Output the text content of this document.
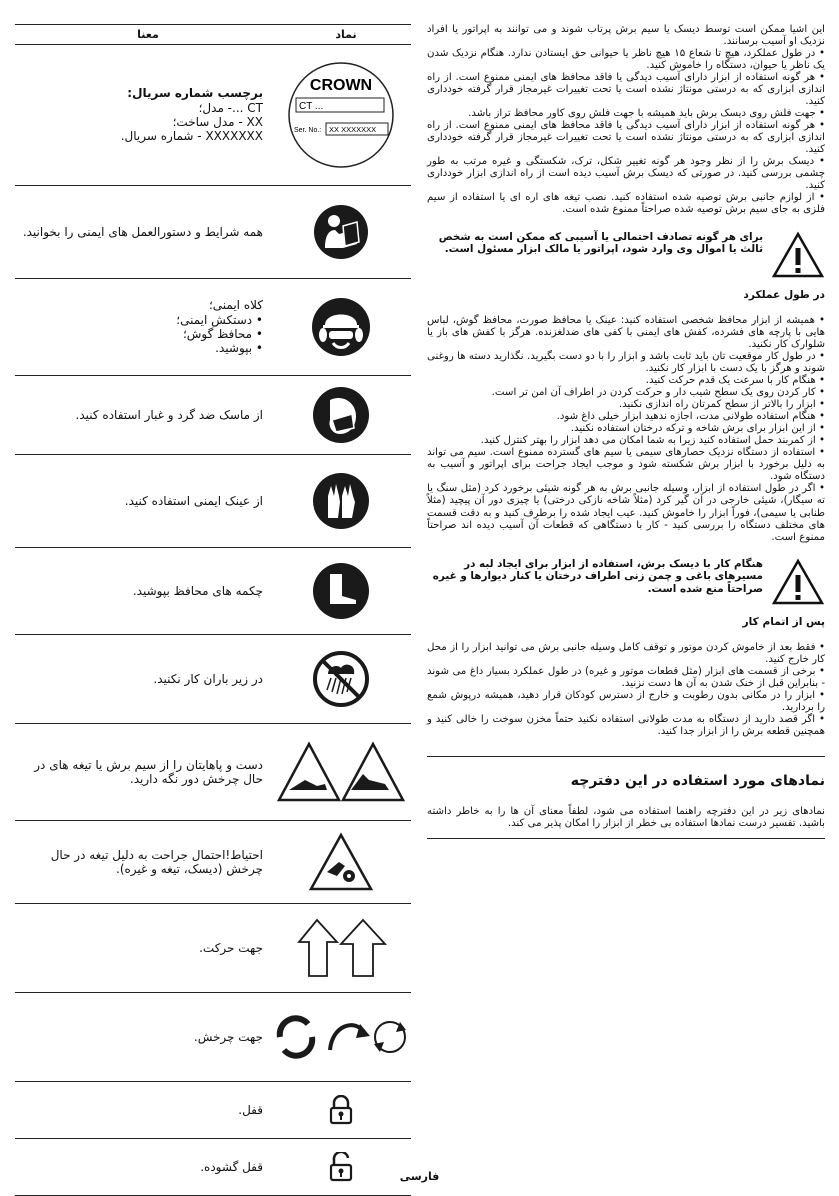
این اشیا ممکن است توسط دیسک یا سیم برش پرتاب شوند و می توانند به اپراتور یا افراد نزدیک او آسیب برسانند.

• در طول عملکرد، هیچ تا شعاع ۱۵ هیچ ناظر یا حیوانی حق ایستادن ندارد. هنگام نزدیک شدن یک ناظر یا حیوان، دستگاه را خاموش کنید.

• هر گونه استفاده از ابزار دارای آسیب دیدگی یا فاقد محافظ های ایمنی ممنوع است. از راه اندازی ابزاری که به درستی مونتاژ نشده است یا تحت تغییرات غیرمجاز قرار گرفته خودداری کنید.

• جهت فلش روی دیسک برش باید همیشه با جهت فلش روی کاور محافظ تراز باشد.

• هر گونه استفاده از ابزار دارای آسیب دیدگی یا فاقد محافظ های ایمنی ممنوع است. از راه اندازی ابزاری که به درستی مونتاژ نشده است یا تحت تغییرات غیرمجاز قرار گرفته خودداری کنید.

• دیسک برش را از نظر وجود هر گونه تغییر شکل، ترک، شکستگی و غیره مرتب به طور چشمی بررسی کنید. در صورتی که دیسک برش آسیب دیده است از راه اندازی ابزار خودداری کنید.

• از لوازم جانبی برش توصیه شده استفاده کنید. نصب تیغه های اره ای یا استفاده از سیم فلزی به جای سیم برش توصیه شده صراحتاً ممنوع شده است.

برای هر گونه تصادف احتمالی یا آسیبی که ممکن است به شخص ثالث یا اموال وی وارد شود، اپراتور یا مالک ابزار مسئول است.
در طول عملکرد

• همیشه از ابزار محافظ شخصی استفاده کنید: عینک یا محافظ صورت، محافظ گوش، لباس هایی با پارچه های فشرده، کفش های ایمنی با کفی های ضدلغزنده. هرگز با کفش های باز یا شلوارک کار نکنید.

• در طول کار موقعیت تان باید ثابت باشد و ابزار را با دو دست بگیرید. نگذارید دسته ها روغنی شوند و هرگز با یک دست با ابزار کار نکنید.

• هنگام کار با سرعت یک قدم حرکت کنید.

• کار کردن روی یک سطح شیب دار و حرکت کردن در اطراف آن امن تر است.

• ابزار را بالاتر از سطح کمرتان راه اندازی نکنید.

• هنگام استفاده طولانی مدت، اجازه ندهید ابزار خیلی داغ شود.

• از این ابزار برای برش شاخه و ترکه درختان استفاده نکنید.

• از کمربند حمل استفاده کنید زیرا به شما امکان می دهد ابزار را بهتر کنترل کنید.

• استفاده از دستگاه نزدیک حصارهای سیمی یا سیم های گسترده ممنوع است. سیم می تواند به دلیل برخورد با ابزار برش شکسته شود و موجب ایجاد جراحت برای اپراتور و آسیب به دستگاه شود.

• اگر در طول استفاده از ابزار، وسیله جانبی برش به هر گونه شیئی برخورد کرد (مثل سنگ یا ته سیگار)، شیئی خارجی در آن گیر کرد (مثلاً شاخه نازکی درختی) یا چیزی دور آن پیچید (مثلاً طنابی یا سیمی)، فوراً ابزار را خاموش کنید. عیب ایجاد شده را برطرف کنید و به دقت قسمت های مختلف دستگاه را بررسی کنید - کار با دستگاهی که قطعات آن آسیب دیده اند صراحتاً ممنوع است.

هنگام کار با دیسک برش، استفاده از ابزار برای ایجاد لبه در مسیرهای باغی و چمن زنی اطراف درختان یا کنار دیوارها و غیره صراحتاً منع شده است.
پس از اتمام کار

• فقط بعد از خاموش کردن موتور و توقف کامل وسیله جانبی برش می توانید ابزار را از محل کار خارج کنید.

• برخی از قسمت های ابزار (مثل قطعات موتور و غیره) در طول عملکرد بسیار داغ می شوند - بنابراین قبل از خنک شدن به آن ها دست نزنید.

• ابزار را در مکانی بدون رطوبت و خارج از دسترس کودکان قرار دهید، همیشه درپوش شمع را بردارید.

• اگر قصد دارید از دستگاه به مدت طولانی استفاده نکنید حتماً مخزن سوخت را خالی کنید و همچنین قطعه برش را از ابزار جدا کنید.

نمادهای مورد استفاده در این دفترچه
نمادهای زیر در این دفترچه راهنما استفاده می شود، لطفاً معنای آن ها را به خاطر داشته باشید. تفسیر درست نمادها استفاده بی خطر از ابزار را امکان پذیر می کند.
نماد
معنا
CROWN
CT ...
Ser. No.: XX XXXXXXX
برچسب شماره سریال:
CT ...- مدل؛
XX - مدل ساخت؛
XXXXXXX - شماره سریال.
همه شرایط و دستورالعمل های ایمنی را بخوانید.
کلاه ایمنی؛
• دستکش ایمنی؛
• محافظ گوش؛
• بپوشید.
از ماسک ضد گرد و غبار استفاده کنید.
از عینک ایمنی استفاده کنید.
چکمه های محافظ بپوشید.
در زیر باران کار نکنید.
دست و پاهایتان را از سیم برش یا تیغه های در حال چرخش دور نگه دارید.
احتیاط!احتمال جراحت به دلیل تیغه در حال چرخش (دیسک، تیغه و غیره).
جهت حرکت.
جهت چرخش.
قفل.
قفل گشوده.
فارسی
